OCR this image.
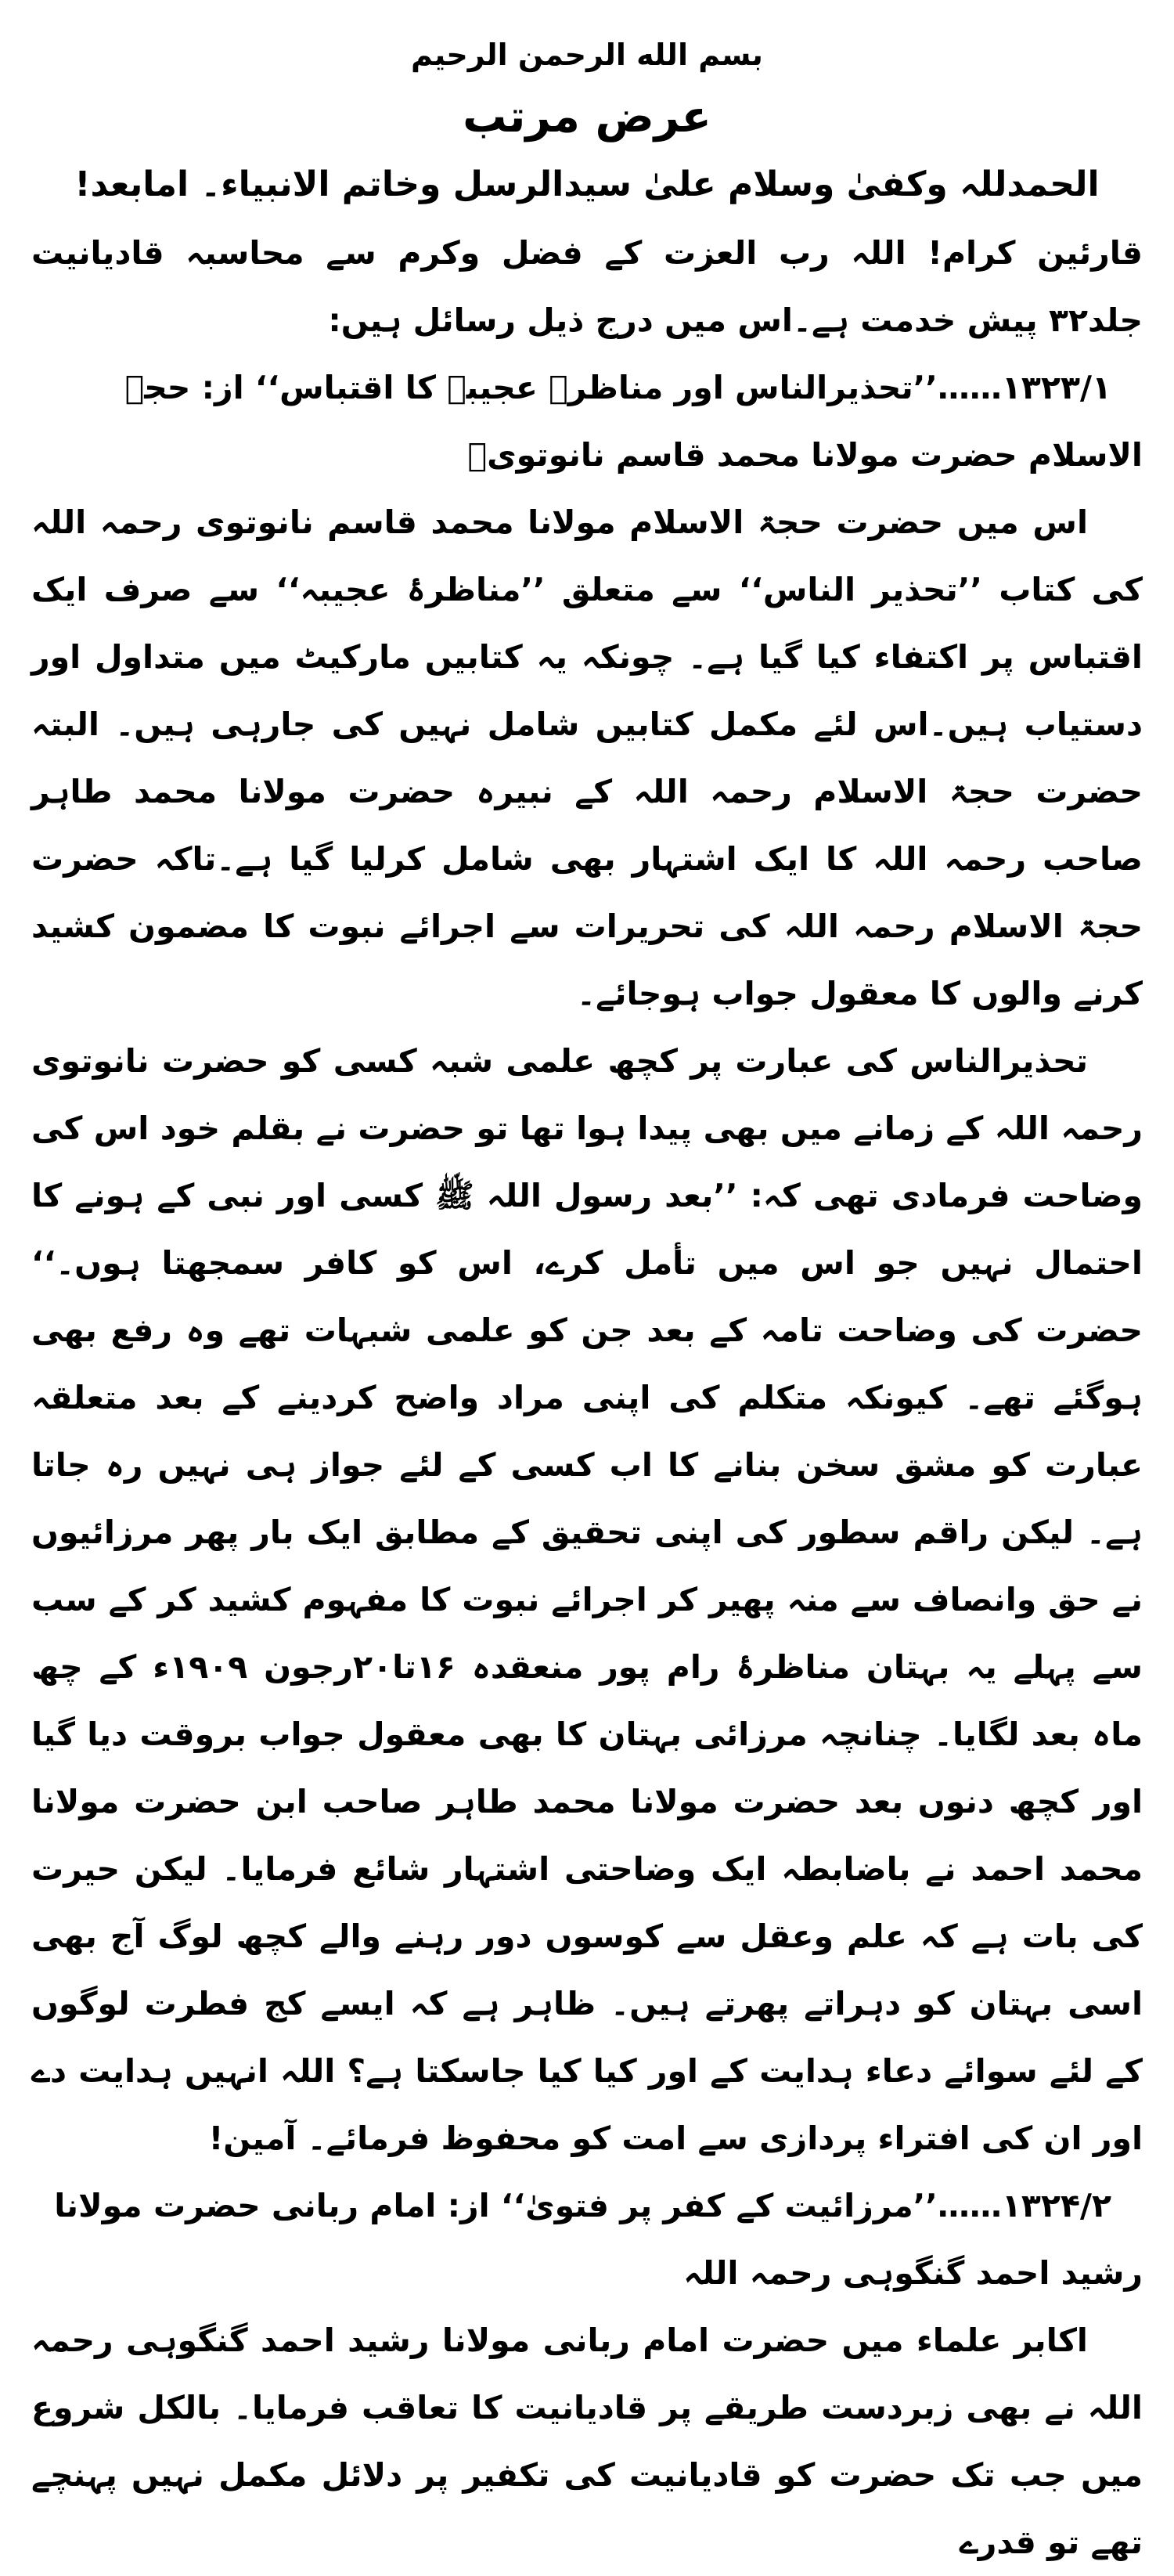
بسم الله الرحمن الرحیم
عرض مرتب
الحمدللہ وکفیٰ وسلام علیٰ سیدالرسل وخاتم الانبیاء۔ امابعد!

قارئین کرام! اللہ رب العزت کے فضل وکرم سے محاسبہ قادیانیت جلد۳۲ پیش خدمت ہے۔اس میں درج ذیل رسائل ہیں:

۱۳۲۳/۱……’’تحذیرالناس اور مناظرہ عجیبہ کا اقتباس‘‘ از: حجۃ الاسلام حضرت مولانا محمد قاسم نانوتویؒ

اس میں حضرت حجۃ الاسلام مولانا محمد قاسم نانوتوی رحمہ اللہ کی کتاب ’’تحذیر الناس‘‘ سے متعلق ’’مناظرۂ عجیبہ‘‘ سے صرف ایک اقتباس پر اکتفاء کیا گیا ہے۔ چونکہ یہ کتابیں مارکیٹ میں متداول اور دستیاب ہیں۔اس لئے مکمل کتابیں شامل نہیں کی جارہی ہیں۔ البتہ حضرت حجۃ الاسلام رحمہ اللہ کے نبیرہ حضرت مولانا محمد طاہر صاحب رحمہ اللہ کا ایک اشتہار بھی شامل کرلیا گیا ہے۔تاکہ حضرت حجۃ الاسلام رحمہ اللہ کی تحریرات سے اجرائے نبوت کا مضمون کشید کرنے والوں کا معقول جواب ہوجائے۔

تحذیرالناس کی عبارت پر کچھ علمی شبہ کسی کو حضرت نانوتوی رحمہ اللہ کے زمانے میں بھی پیدا ہوا تھا تو حضرت نے بقلم خود اس کی وضاحت فرمادی تھی کہ: ’’بعد رسول اللہ ﷺ کسی اور نبی کے ہونے کا احتمال نہیں جو اس میں تأمل کرے، اس کو کافر سمجھتا ہوں۔‘‘ حضرت کی وضاحت تامہ کے بعد جن کو علمی شبہات تھے وہ رفع بھی ہوگئے تھے۔ کیونکہ متکلم کی اپنی مراد واضح کردینے کے بعد متعلقہ عبارت کو مشق سخن بنانے کا اب کسی کے لئے جواز ہی نہیں رہ جاتا ہے۔ لیکن راقم سطور کی اپنی تحقیق کے مطابق ایک بار پھر مرزائیوں نے حق وانصاف سے منہ پھیر کر اجرائے نبوت کا مفہوم کشید کر کے سب سے پہلے یہ بہتان مناظرۂ رام پور منعقدہ ۱۶تا۲۰رجون ۱۹۰۹ء کے چھ ماہ بعد لگایا۔ چنانچہ مرزائی بہتان کا بھی معقول جواب بروقت دیا گیا اور کچھ دنوں بعد حضرت مولانا محمد طاہر صاحب ابن حضرت مولانا محمد احمد نے باضابطہ ایک وضاحتی اشتہار شائع فرمایا۔ لیکن حیرت کی بات ہے کہ علم وعقل سے کوسوں دور رہنے والے کچھ لوگ آج بھی اسی بہتان کو دہراتے پھرتے ہیں۔ ظاہر ہے کہ ایسے کج فطرت لوگوں کے لئے سوائے دعاء ہدایت کے اور کیا کیا جاسکتا ہے؟ اللہ انہیں ہدایت دے اور ان کی افتراء پردازی سے امت کو محفوظ فرمائے۔ آمین!

۱۳۲۴/۲……’’مرزائیت کے کفر پر فتویٰ‘‘ از: امام ربانی حضرت مولانا رشید احمد گنگوہی رحمہ اللہ

اکابر علماء میں حضرت امام ربانی مولانا رشید احمد گنگوہی رحمہ اللہ نے بھی زبردست طریقے پر قادیانیت کا تعاقب فرمایا۔ بالکل شروع میں جب تک حضرت کو قادیانیت کی تکفیر پر دلائل مکمل نہیں پہنچے تھے تو قدرے
